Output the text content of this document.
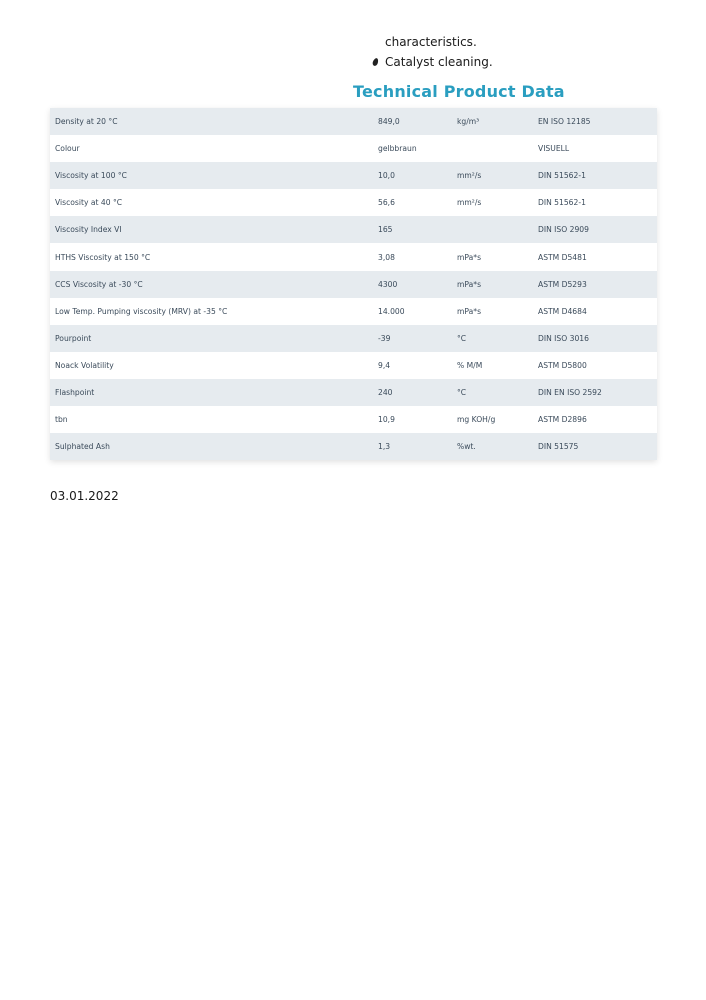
characteristics.
Catalyst cleaning.
Technical Product Data
Density at 20 °C	849,0	kg/m³	EN ISO 12185
Colour	gelbbraun		VISUELL
Viscosity at 100 °C	10,0	mm²/s	DIN 51562-1
Viscosity at 40 °C	56,6	mm²/s	DIN 51562-1
Viscosity Index VI	165		DIN ISO 2909
HTHS Viscosity at 150 °C	3,08	mPa*s	ASTM D5481
CCS Viscosity at -30 °C	4300	mPa*s	ASTM D5293
Low Temp. Pumping viscosity (MRV) at -35 °C	14.000	mPa*s	ASTM D4684
Pourpoint	-39	°C	DIN ISO 3016
Noack Volatility	9,4	% M/M	ASTM D5800
Flashpoint	240	°C	DIN EN ISO 2592
tbn	10,9	mg KOH/g	ASTM D2896
Sulphated Ash	1,3	%wt.	DIN 51575
03.01.2022
